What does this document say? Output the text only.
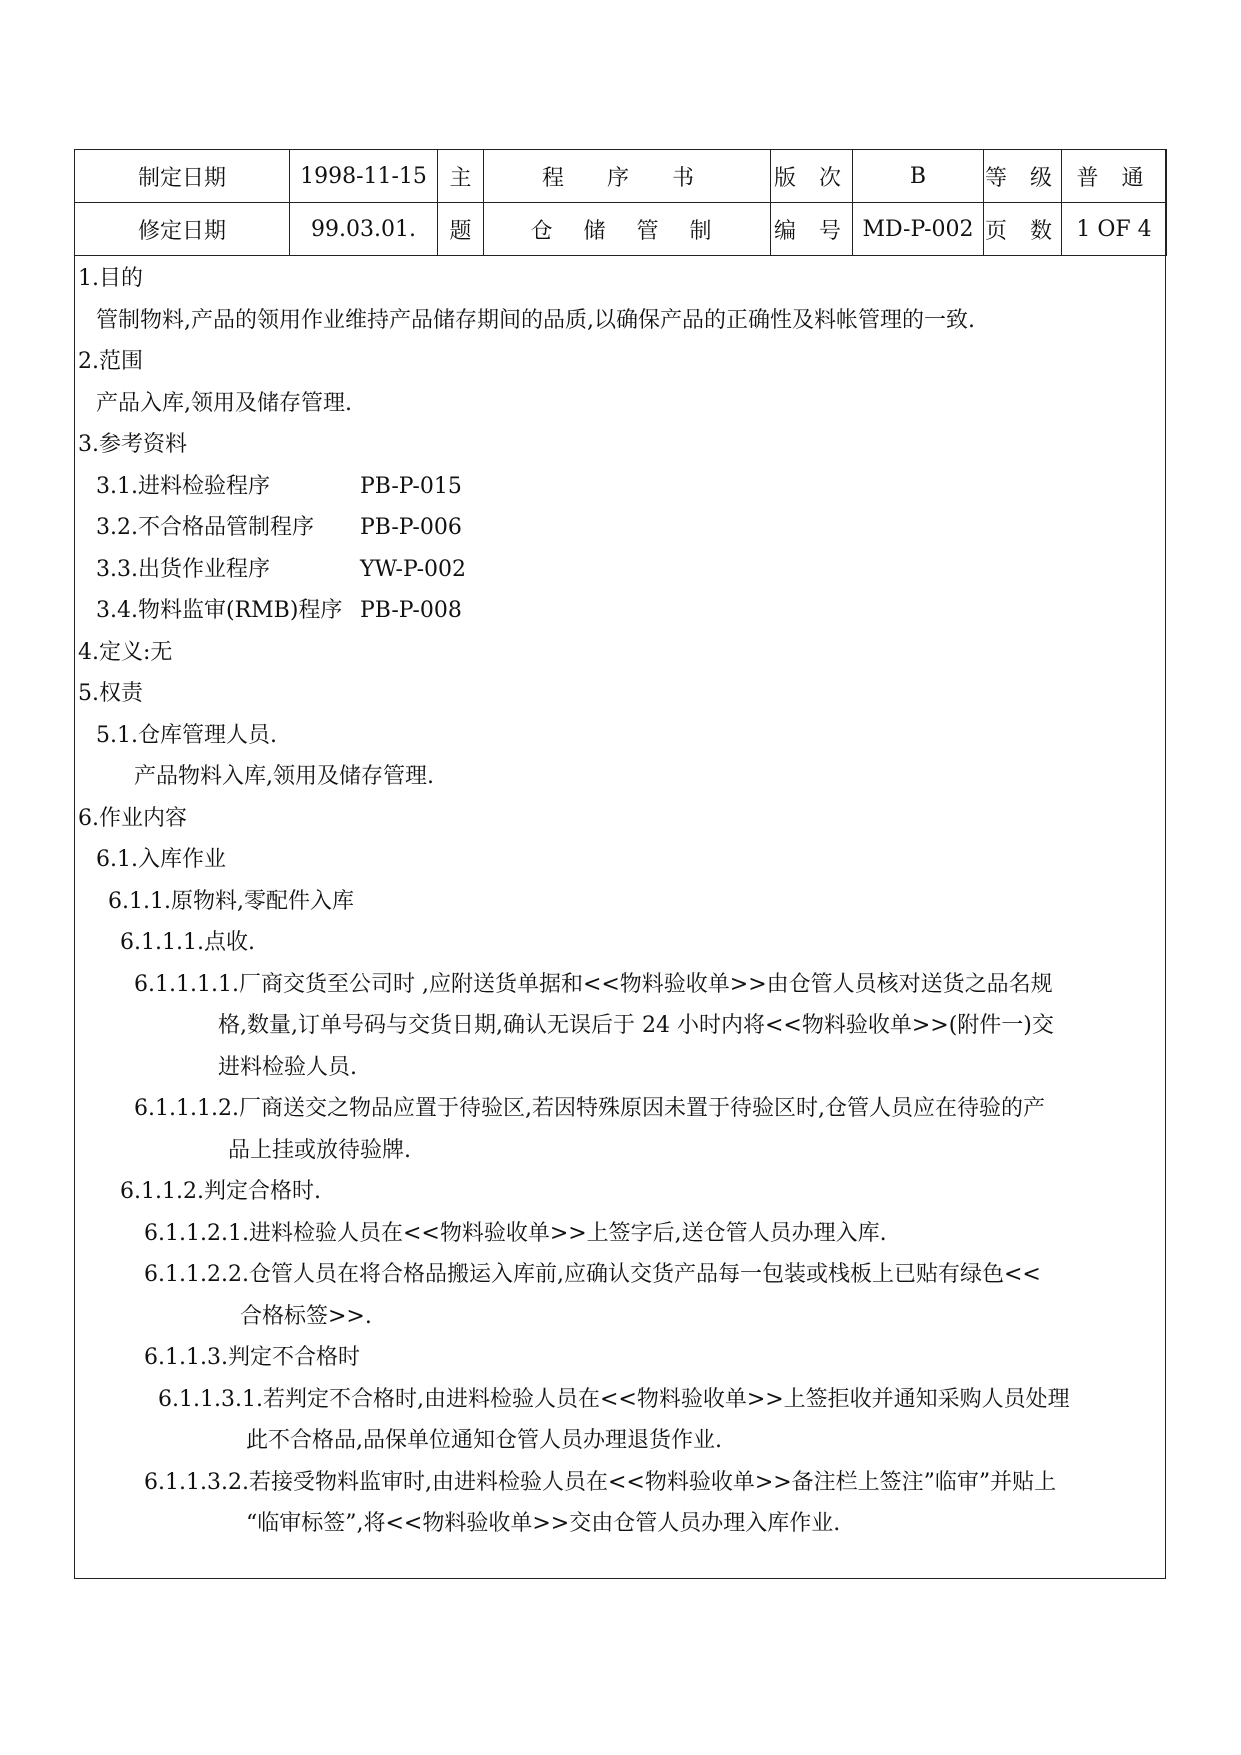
制定日期	1998-11-15	主	程 序 书	版 次	B	等 级	普 通
修定日期	99.03.01.	题	仓 储 管 制	编 号	MD-P-002	页 数	1 OF 4
1.目的
管制物料,产品的领用作业维持产品储存期间的品质,以确保产品的正确性及料帐管理的一致.
2.范围
产品入库,领用及储存管理.
3.参考资料
3.1.进料检验程序	PB-P-015
3.2.不合格品管制程序	PB-P-006
3.3.出货作业程序	YW-P-002
3.4.物料监审(RMB)程序 PB-P-008
4.定义:无
5.权责
5.1.仓库管理人员.
产品物料入库,领用及储存管理.
6.作业内容
6.1.入库作业
6.1.1.原物料,零配件入库
6.1.1.1.点收.
6.1.1.1.1.厂商交货至公司时 ,应附送货单据和<<物料验收单>>由仓管人员核对送货之品名规
格,数量,订单号码与交货日期,确认无误后于 24 小时内将<<物料验收单>>(附件一)交
进料检验人员.
6.1.1.1.2.厂商送交之物品应置于待验区,若因特殊原因未置于待验区时,仓管人员应在待验的产
品上挂或放待验牌.
6.1.1.2.判定合格时.
6.1.1.2.1.进料检验人员在<<物料验收单>>上签字后,送仓管人员办理入库.
6.1.1.2.2.仓管人员在将合格品搬运入库前,应确认交货产品每一包装或栈板上已贴有绿色<<
合格标签>>.
6.1.1.3.判定不合格时
6.1.1.3.1.若判定不合格时,由进料检验人员在<<物料验收单>>上签拒收并通知采购人员处理
此不合格品,品保单位通知仓管人员办理退货作业.
6.1.1.3.2.若接受物料监审时,由进料检验人员在<<物料验收单>>备注栏上签注”临审”并贴上
“临审标签”,将<<物料验收单>>交由仓管人员办理入库作业.
